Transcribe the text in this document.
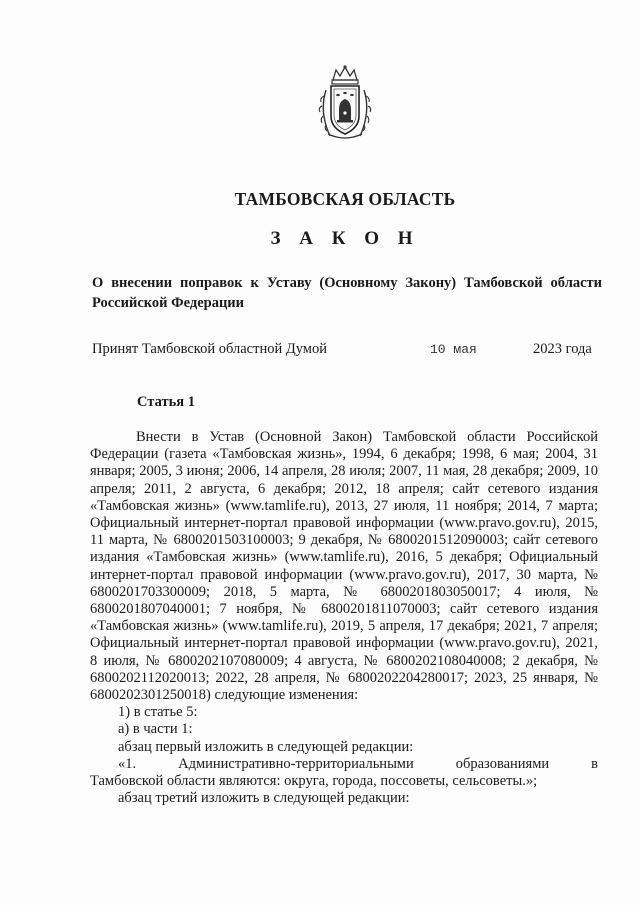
ТАМБОВСКАЯ ОБЛАСТЬ
З А К О Н
О внесении поправок к Уставу (Основному Закону) Тамбовской области Российской Федерации
Принят Тамбовской областной Думой	10 мая	2023 года
Статья 1

Внести в Устав (Основной Закон) Тамбовской области Российской Федерации (газета «Тамбовская жизнь», 1994, 6 декабря; 1998, 6 мая; 2004, 31 января; 2005, 3 июня; 2006, 14 апреля, 28 июля; 2007, 11 мая, 28 декабря; 2009, 10 апреля; 2011, 2 августа, 6 декабря; 2012, 18 апреля; сайт сетевого издания «Тамбовская жизнь» (www.tamlife.ru), 2013, 27 июля, 11 ноября; 2014, 7 марта; Официальный интернет-портал правовой информации (www.pravo.gov.ru), 2015, 11 марта, № 6800201503100003; 9 декабря, № 6800201512090003; сайт сетевого издания «Тамбовская жизнь» (www.tamlife.ru), 2016, 5 декабря; Официальный интернет-портал правовой информации (www.pravo.gov.ru), 2017, 30 марта, № 6800201703300009; 2018, 5 марта, № 6800201803050017; 4 июля, № 6800201807040001; 7 ноября, № 6800201811070003; сайт сетевого издания «Тамбовская жизнь» (www.tamlife.ru), 2019, 5 апреля, 17 декабря; 2021, 7 апреля; Официальный интернет-портал правовой информации (www.pravo.gov.ru), 2021, 8 июля, № 6800202107080009; 4 августа, № 6800202108040008; 2 декабря, № 6800202112020013; 2022, 28 апреля, № 6800202204280017; 2023, 25 января, № 6800202301250018) следующие изменения:

1) в статье 5:

а) в части 1:

абзац первый изложить в следующей редакции:

«1. Административно-территориальными образованиями в

Тамбовской области являются: округа, города, поссоветы, сельсоветы.»;

абзац третий изложить в следующей редакции:
